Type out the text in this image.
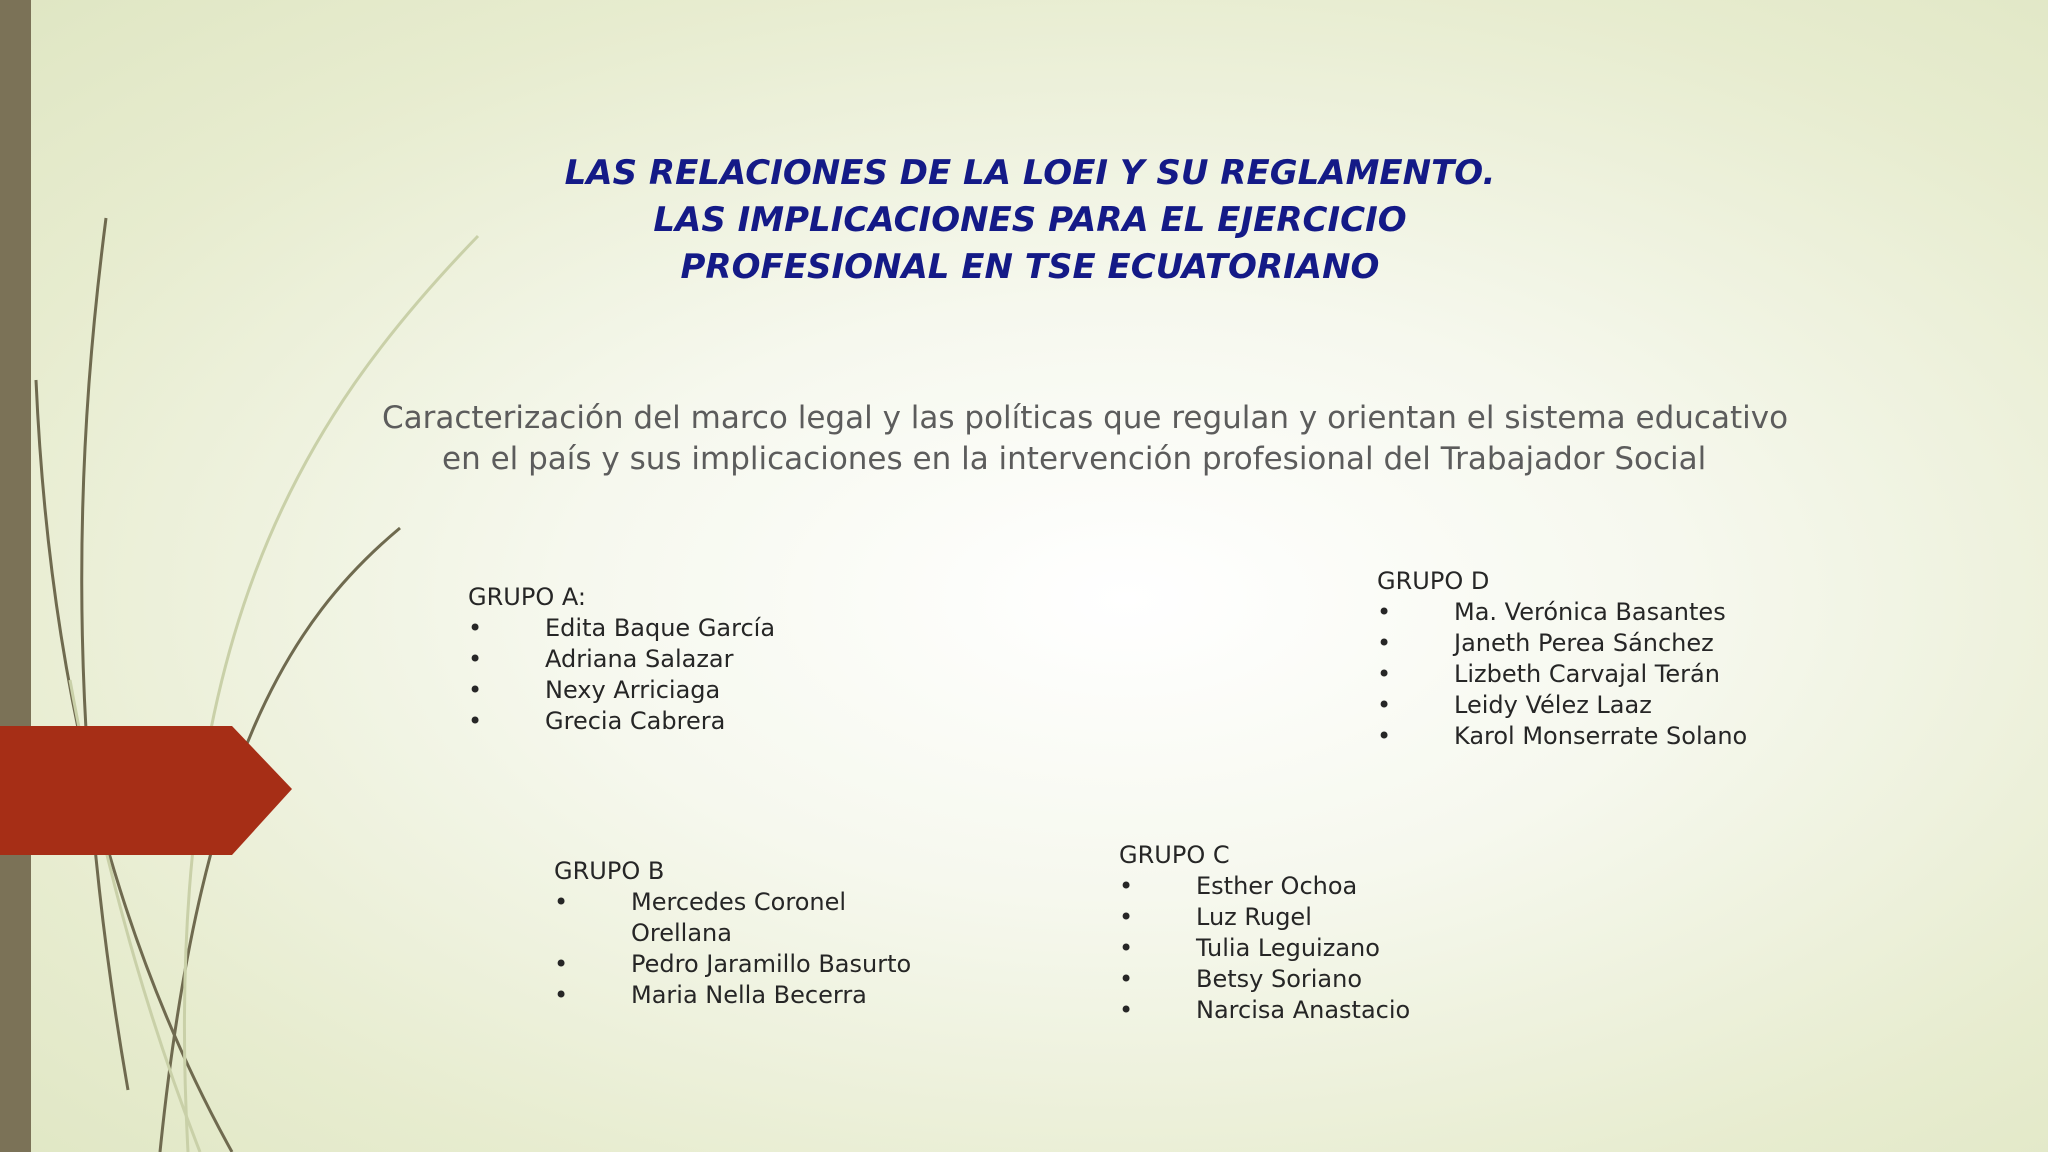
LAS RELACIONES DE LA LOEI Y SU REGLAMENTO.
LAS IMPLICACIONES PARA EL EJERCICIO
PROFESIONAL EN TSE ECUATORIANO
Caracterización del marco legal y las políticas que regulan y orientan el sistema educativo
en el país y sus implicaciones en la intervención profesional del Trabajador Social
GRUPO A:
• Edita Baque García
• Adriana Salazar
• Nexy Arriciaga
• Grecia Cabrera
GRUPO D
• Ma. Verónica Basantes
• Janeth Perea Sánchez
• Lizbeth Carvajal Terán
• Leidy Vélez Laaz
• Karol Monserrate Solano
GRUPO B
• Mercedes Coronel Orellana
• Pedro Jaramillo Basurto
• Maria Nella Becerra
GRUPO C
• Esther Ochoa
• Luz Rugel
• Tulia Leguizano
• Betsy Soriano
• Narcisa Anastacio
